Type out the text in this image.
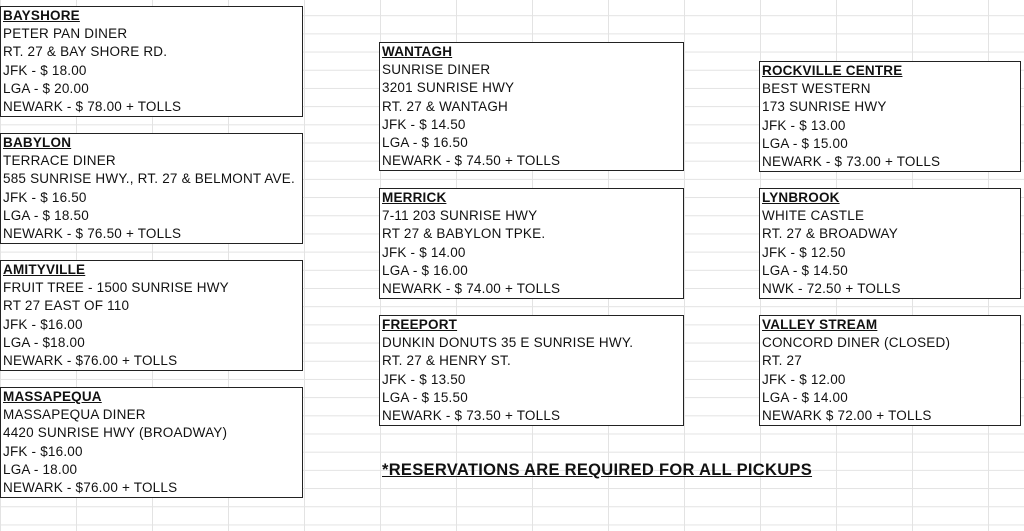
BAYSHORE
PETER PAN DINER
RT. 27 & BAY SHORE RD.
JFK - $ 18.00
LGA - $ 20.00
NEWARK - $ 78.00 + TOLLS
BABYLON
TERRACE DINER
585 SUNRISE HWY., RT. 27 & BELMONT AVE.
JFK - $ 16.50
LGA - $ 18.50
NEWARK - $ 76.50 + TOLLS
AMITYVILLE
FRUIT TREE - 1500 SUNRISE HWY
RT 27 EAST OF 110
JFK - $16.00
LGA - $18.00
NEWARK - $76.00 + TOLLS
MASSAPEQUA
MASSAPEQUA DINER
4420 SUNRISE HWY (BROADWAY)
JFK - $16.00
LGA - 18.00
NEWARK - $76.00 + TOLLS
WANTAGH
SUNRISE DINER
3201 SUNRISE HWY
RT. 27 & WANTAGH
JFK - $ 14.50
LGA - $ 16.50
NEWARK - $ 74.50 + TOLLS
MERRICK
7-11 203 SUNRISE HWY
RT 27 & BABYLON TPKE.
JFK - $ 14.00
LGA - $ 16.00
NEWARK - $ 74.00 + TOLLS
FREEPORT
DUNKIN DONUTS 35 E SUNRISE HWY.
RT. 27 & HENRY ST.
JFK - $ 13.50
LGA - $ 15.50
NEWARK - $ 73.50 + TOLLS
ROCKVILLE CENTRE
BEST WESTERN
173 SUNRISE HWY
JFK - $ 13.00
LGA - $ 15.00
NEWARK - $ 73.00 + TOLLS
LYNBROOK
WHITE CASTLE
RT. 27 & BROADWAY
JFK - $ 12.50
LGA - $ 14.50
NWK - 72.50 + TOLLS
VALLEY STREAM
CONCORD DINER (CLOSED)
RT. 27
JFK - $ 12.00
LGA - $ 14.00
NEWARK $ 72.00 + TOLLS
*RESERVATIONS ARE REQUIRED FOR ALL PICKUPS
